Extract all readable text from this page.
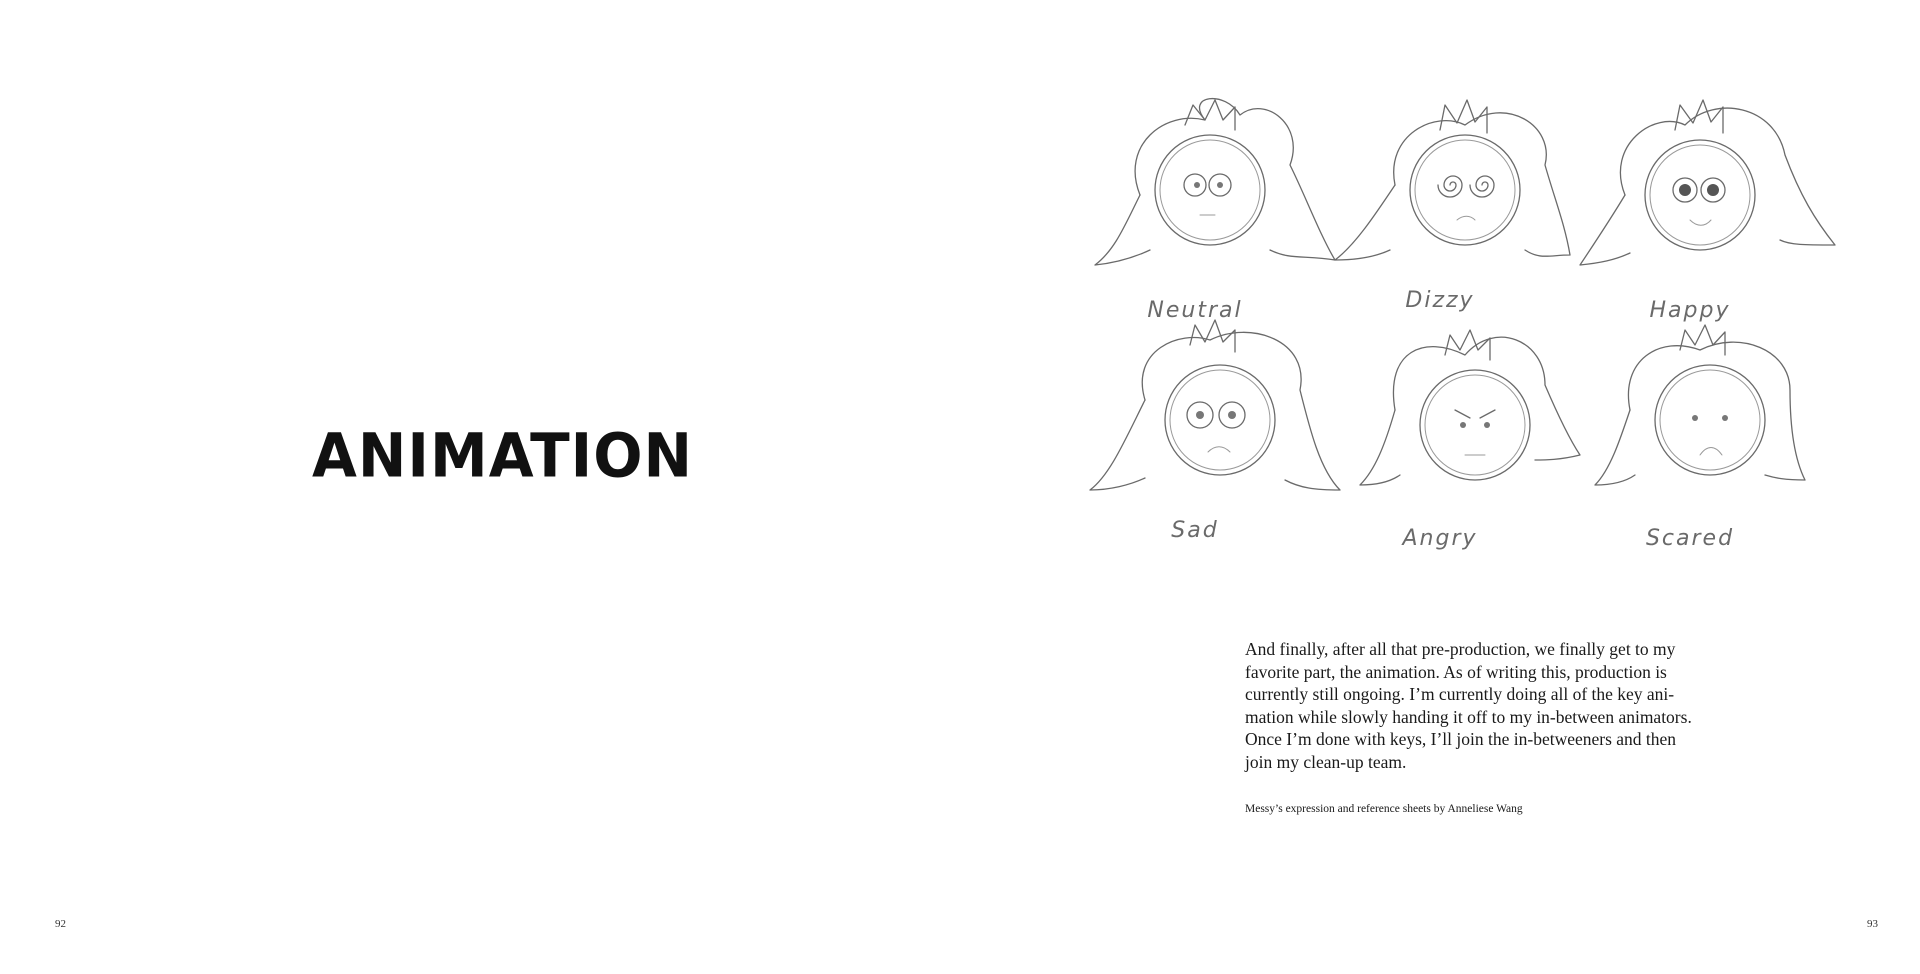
ANIMATION
92
Neutral	Dizzy	Happy
Sad	Angry	Scared
And finally, after all that pre-production, we finally get to my
favorite part, the animation. As of writing this, production is
currently still ongoing. I’m currently doing all of the key ani-
mation while slowly handing it off to my in-between animators.
Once I’m done with keys, I’ll join the in-betweeners and then
join my clean-up team.
Messy’s expression and reference sheets by Anneliese Wang
93
